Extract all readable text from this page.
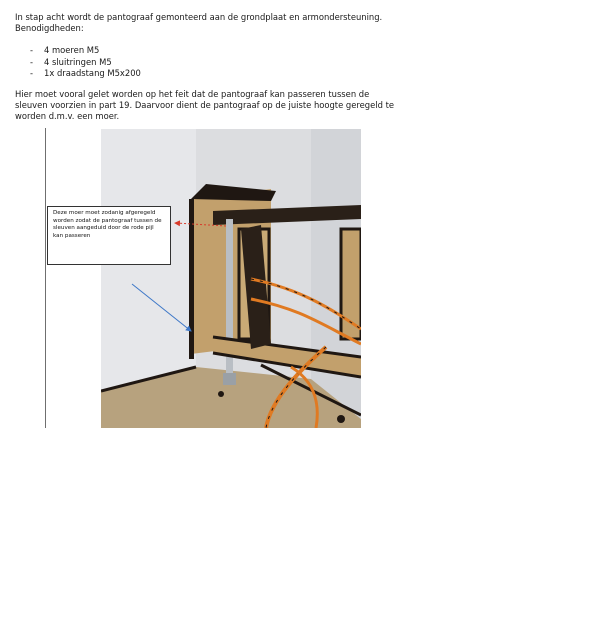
In stap acht wordt de pantograaf gemonteerd aan de grondplaat en armondersteuning. Benodigdheden:

-	4 moeren M5
-	4 sluitringen M5
-	1x draadstang M5x200

Hier moet vooral gelet worden op het feit dat de pantograaf kan passeren tussen de sleuven voorzien in part 19. Daarvoor dient de pantograaf op de juiste hoogte geregeld te worden d.m.v. een moer.

Deze moer moet zodanig afgeregeld worden zodat de pantograaf tussen de sleuven aangeduid door de rode pijl kan passeren
